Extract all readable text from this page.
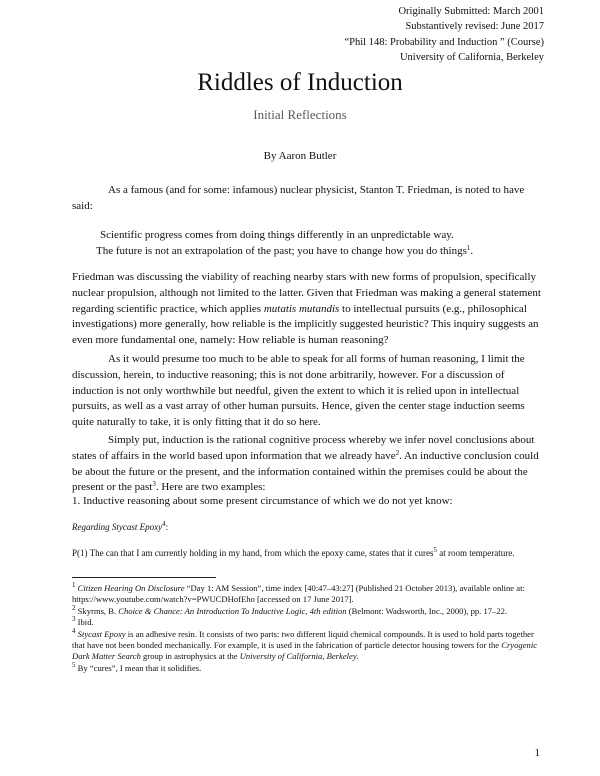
Originally Submitted: March 2001
Substantively revised: June 2017
“Phil 148: Probability and Induction ” (Course)
University of California, Berkeley
Riddles of Induction
Initial Reflections
By Aaron Butler
As a famous (and for some: infamous) nuclear physicist, Stanton T. Friedman, is noted to have said:
Scientific progress comes from doing things differently in an unpredictable way.
The future is not an extrapolation of the past; you have to change how you do things$^1$.
Friedman was discussing the viability of reaching nearby stars with new forms of propulsion, specifically nuclear propulsion, although not limited to the latter. Given that Friedman was making a general statement regarding scientific practice, which applies mutatis mutandis to intellectual pursuits (e.g., philosophical investigations) more generally, how reliable is the implicitly suggested heuristic? This inquiry suggests an even more fundamental one, namely: How reliable is human reasoning?
As it would presume too much to be able to speak for all forms of human reasoning, I limit the discussion, herein, to inductive reasoning; this is not done arbitrarily, however. For a discussion of induction is not only worthwhile but needful, given the extent to which it is relied upon in intellectual pursuits, as well as a vast array of other human pursuits. Hence, given the center stage induction seems quite naturally to take, it is only fitting that it do so here.
Simply put, induction is the rational cognitive process whereby we infer novel conclusions about states of affairs in the world based upon information that we already have$^2$. An inductive conclusion could be about the future or the present, and the information contained within the premises could be about the present or the past$^3$. Here are two examples:
1. Inductive reasoning about some present circumstance of which we do not yet know:
Regarding Stycast Epoxy$^4$:
P(1) The can that I am currently holding in my hand, from which the epoxy came, states that it cures$^5$ at room temperature.

$^1$ Citizen Hearing On Disclosure “Day 1: AM Session”, time index [40:47–43:27] (Published 21 October 2013), available online at: https://www.youtube.com/watch?v=PWUCDHofEho [accessed on 17 June 2017].

$^2$ Skyrms, B. Choice & Chance: An Introduction To Inductive Logic, 4th edition (Belmont: Wadsworth, Inc., 2000), pp. 17–22.

$^3$ Ibid.

$^4$ Stycast Epoxy is an adhesive resin. It consists of two parts: two different liquid chemical compounds. It is used to hold parts together that have not been bonded mechanically. For example, it is used in the fabrication of particle detector housing towers for the Cryogenic Dark Matter Search group in astrophysics at the University of California, Berkeley.

$^5$ By “cures”, I mean that it solidifies.

1
